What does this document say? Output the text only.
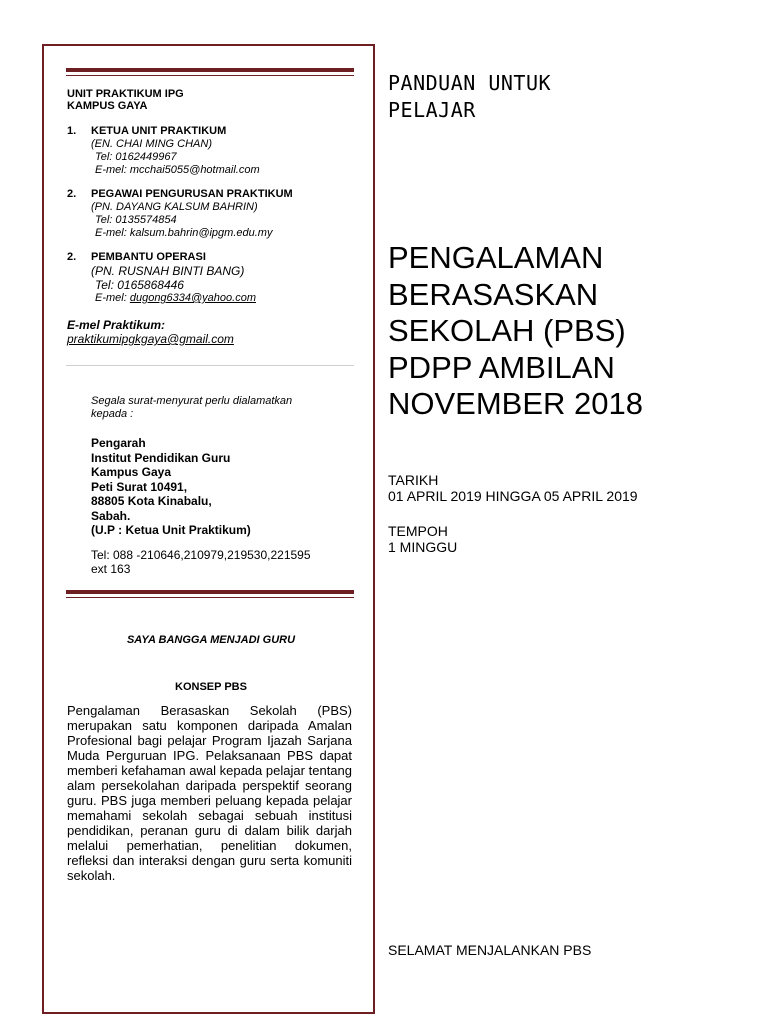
UNIT PRAKTIKUM IPG
KAMPUS GAYA
1. KETUA UNIT PRAKTIKUM
(EN. CHAI MING CHAN)
Tel: 0162449967
E-mel: mcchai5055@hotmail.com
2. PEGAWAI PENGURUSAN PRAKTIKUM
(PN. DAYANG KALSUM BAHRIN)
Tel: 0135574854
E-mel: kalsum.bahrin@ipgm.edu.my
2. PEMBANTU OPERASI
(PN. RUSNAH BINTI BANG)
Tel: 0165868446
E-mel: dugong6334@yahoo.com
E-mel Praktikum:
praktikumipgkgaya@gmail.com
Segala surat-menyurat perlu dialamatkan
kepada :
Pengarah
Institut Pendidikan Guru
Kampus Gaya
Peti Surat 10491,
88805 Kota Kinabalu,
Sabah.
(U.P : Ketua Unit Praktikum)
Tel: 088 -210646,210979,219530,221595
ext 163
SAYA BANGGA MENJADI GURU
KONSEP PBS
Pengalaman Berasaskan Sekolah (PBS) merupakan satu komponen daripada Amalan Profesional bagi pelajar Program Ijazah Sarjana Muda Perguruan IPG. Pelaksanaan PBS dapat memberi kefahaman awal kepada pelajar tentang alam persekolahan daripada perspektif seorang guru. PBS juga memberi peluang kepada pelajar memahami sekolah sebagai sebuah institusi pendidikan, peranan guru di dalam bilik darjah melalui pemerhatian, penelitian dokumen, refleksi dan interaksi dengan guru serta komuniti sekolah.
PANDUAN UNTUK
PELAJAR
PENGALAMAN
BERASASKAN
SEKOLAH (PBS)
PDPP AMBILAN
NOVEMBER 2018
TARIKH
01 APRIL 2019 HINGGA 05 APRIL 2019
TEMPOH
1 MINGGU
SELAMAT MENJALANKAN PBS
